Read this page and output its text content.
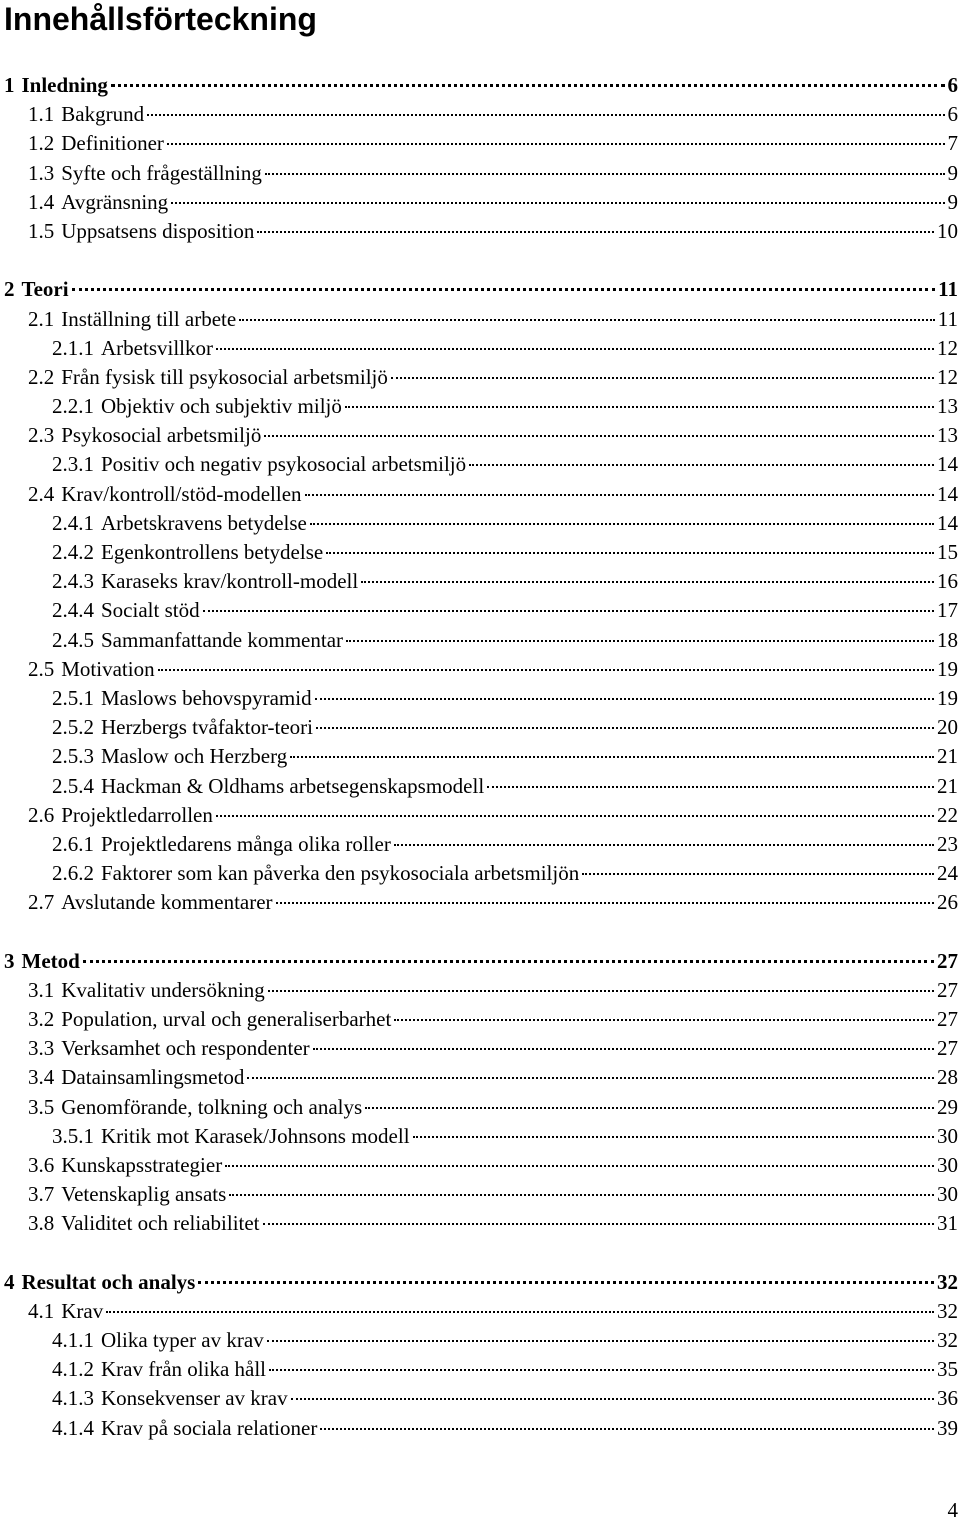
Innehållsförteckning
1 Inledning	6
1.1 Bakgrund	6
1.2 Definitioner	7
1.3 Syfte och frågeställning	9
1.4 Avgränsning	9
1.5 Uppsatsens disposition	10
2 Teori	11
2.1 Inställning till arbete	11
2.1.1 Arbetsvillkor	12
2.2 Från fysisk till psykosocial arbetsmiljö	12
2.2.1 Objektiv och subjektiv miljö	13
2.3 Psykosocial arbetsmiljö	13
2.3.1 Positiv och negativ psykosocial arbetsmiljö	14
2.4 Krav/kontroll/stöd-modellen	14
2.4.1 Arbetskravens betydelse	14
2.4.2 Egenkontrollens betydelse	15
2.4.3 Karaseks krav/kontroll-modell	16
2.4.4 Socialt stöd	17
2.4.5 Sammanfattande kommentar	18
2.5 Motivation	19
2.5.1 Maslows behovspyramid	19
2.5.2 Herzbergs tvåfaktor-teori	20
2.5.3 Maslow och Herzberg	21
2.5.4 Hackman & Oldhams arbetsegenskapsmodell	21
2.6 Projektledarrollen	22
2.6.1 Projektledarens många olika roller	23
2.6.2 Faktorer som kan påverka den psykosociala arbetsmiljön	24
2.7 Avslutande kommentarer	26
3 Metod	27
3.1 Kvalitativ undersökning	27
3.2 Population, urval och generaliserbarhet	27
3.3 Verksamhet och respondenter	27
3.4 Datainsamlingsmetod	28
3.5 Genomförande, tolkning och analys	29
3.5.1 Kritik mot Karasek/Johnsons modell	30
3.6 Kunskapsstrategier	30
3.7 Vetenskaplig ansats	30
3.8 Validitet och reliabilitet	31
4 Resultat och analys	32
4.1 Krav	32
4.1.1 Olika typer av krav	32
4.1.2 Krav från olika håll	35
4.1.3 Konsekvenser av krav	36
4.1.4 Krav på sociala relationer	39
4
